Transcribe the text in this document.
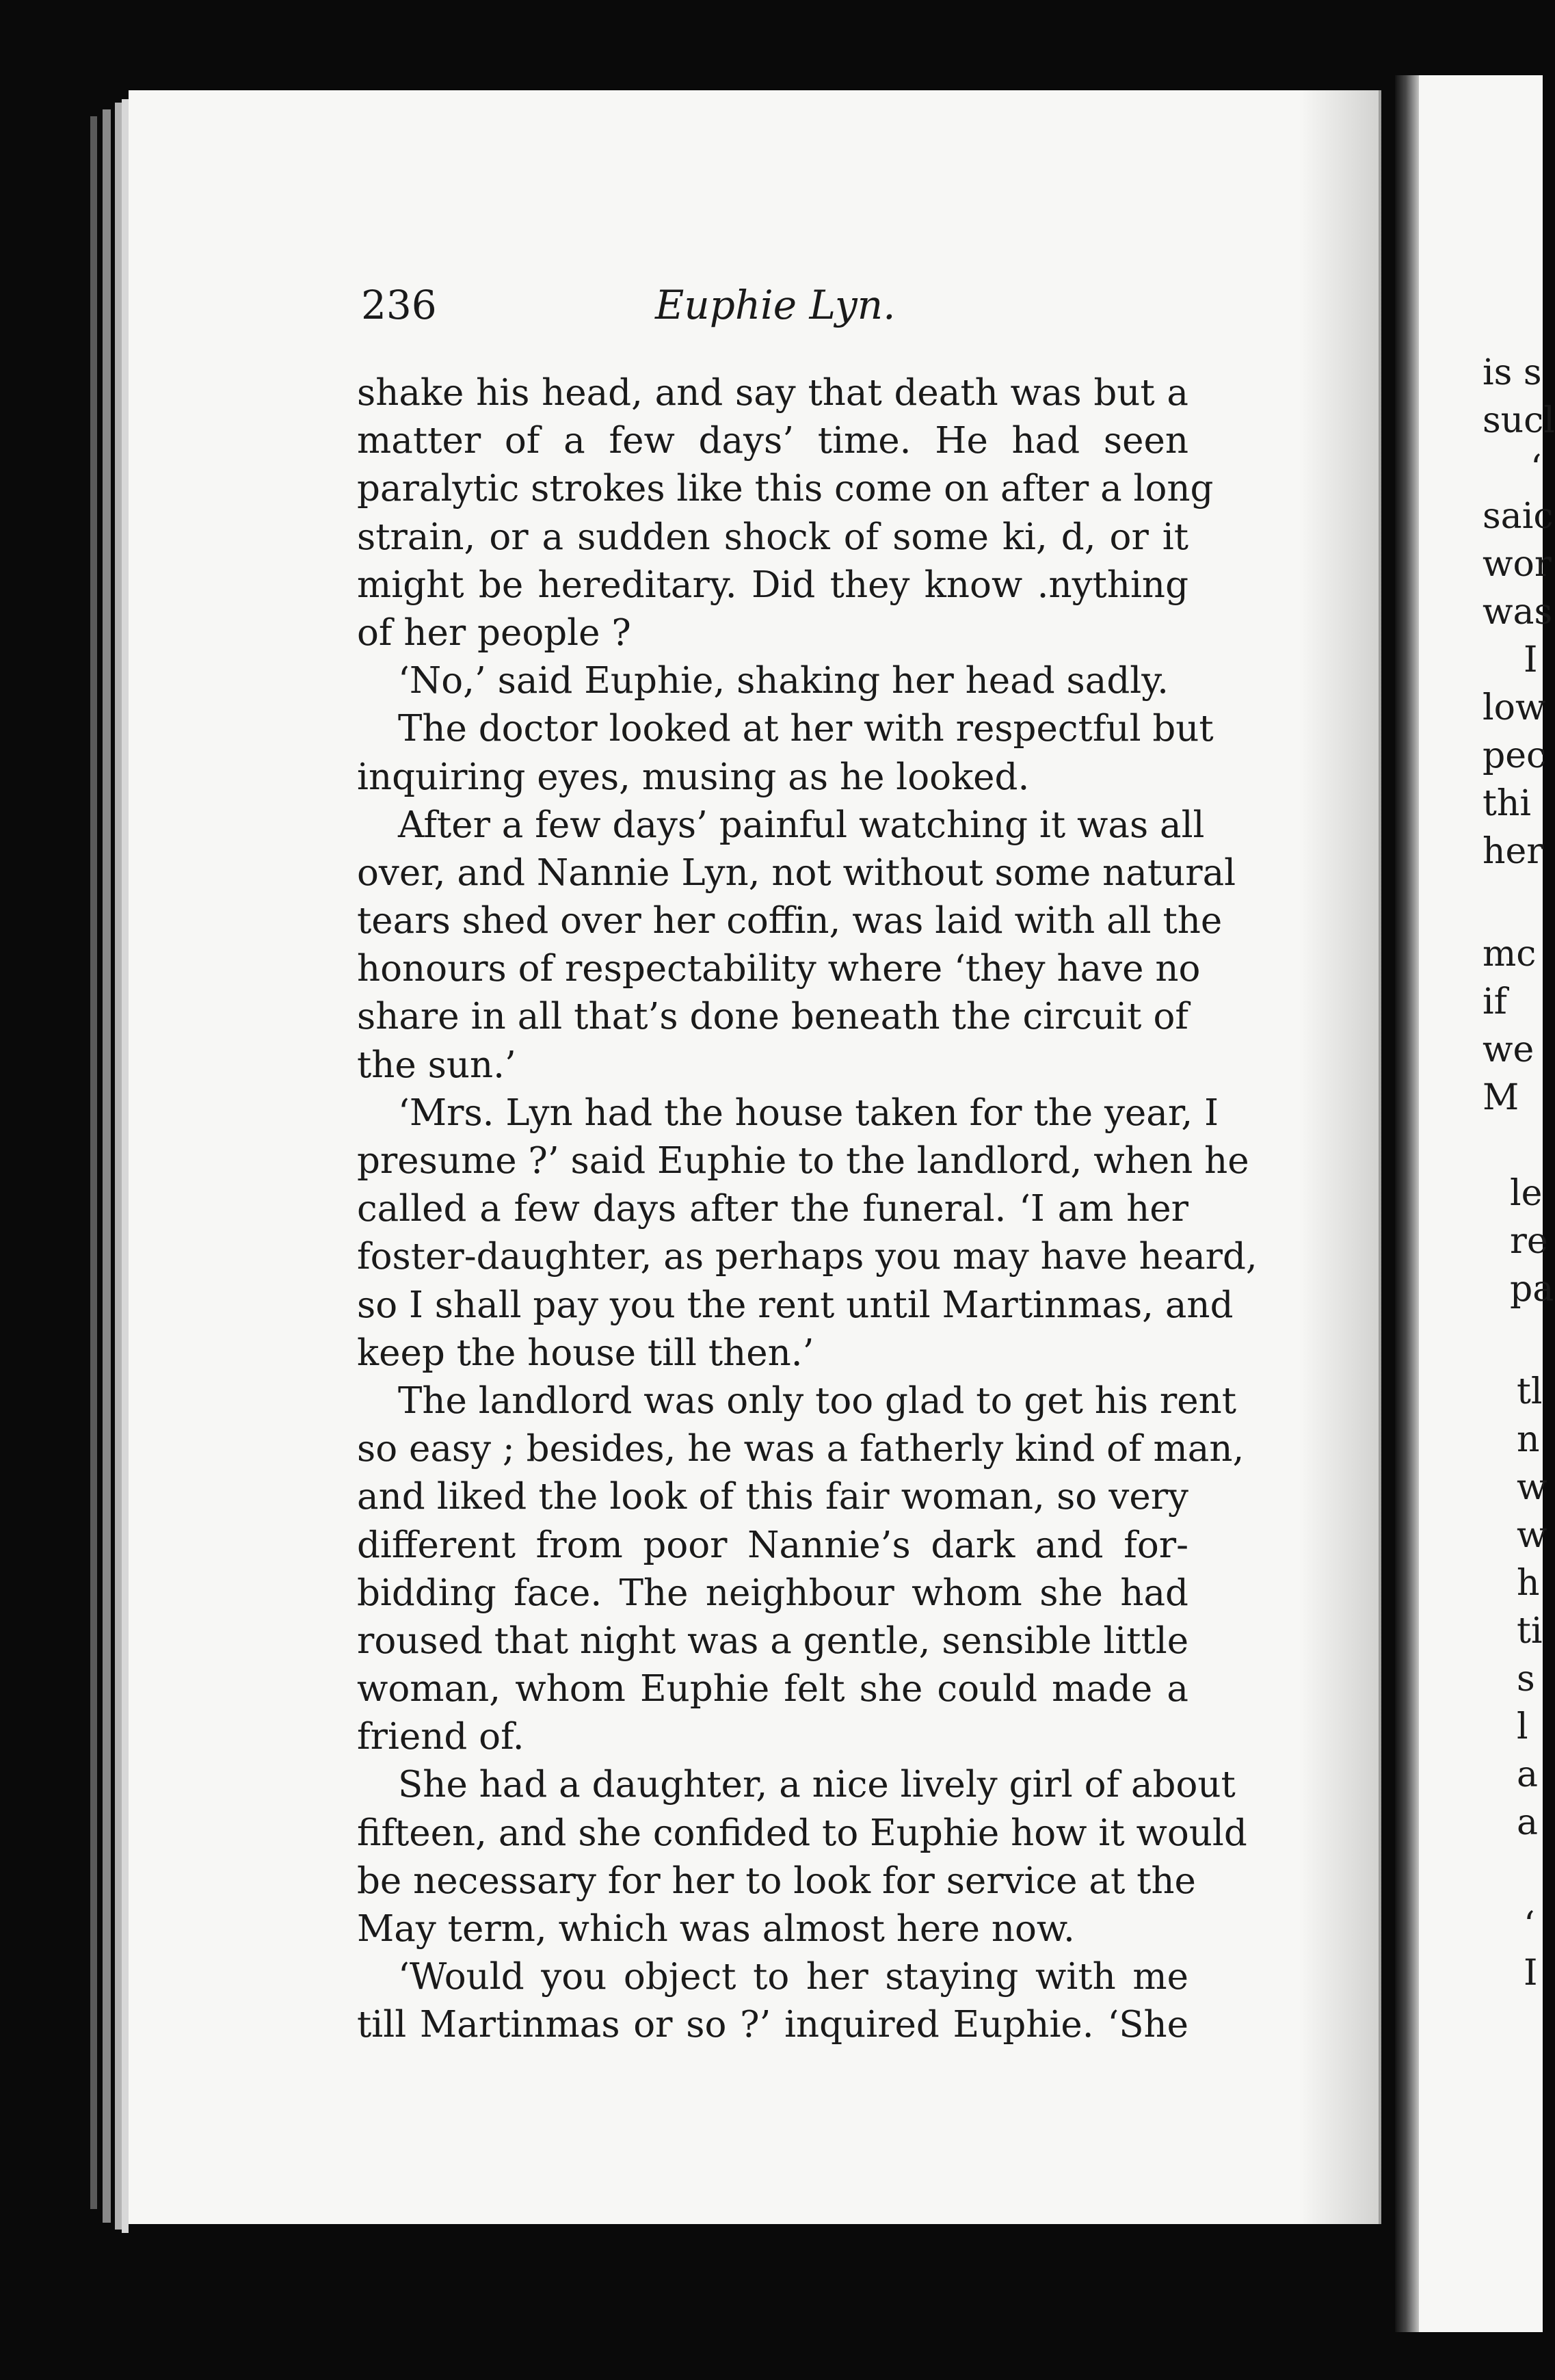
236	Euphie Lyn.
shake his head, and say that death was but a
matter of a few days’ time. He had seen
paralytic strokes like this come on after a long
strain, or a sudden shock of some ki, d, or it
might be hereditary. Did they know .nything
of her people ?
‘No,’ said Euphie, shaking her head sadly.
The doctor looked at her with respectful but
inquiring eyes, musing as he looked.
After a few days’ painful watching it was all
over, and Nannie Lyn, not without some natural
tears shed over her coffin, was laid with all the
honours of respectability where ‘they have no
share in all that’s done beneath the circuit of
the sun.’
‘Mrs. Lyn had the house taken for the year, I
presume ?’ said Euphie to the landlord, when he
called a few days after the funeral. ‘I am her
foster-daughter, as perhaps you may have heard,
so I shall pay you the rent until Martinmas, and
keep the house till then.’
The landlord was only too glad to get his rent
so easy ; besides, he was a fatherly kind of man,
and liked the look of this fair woman, so very
different from poor Nannie’s dark and for-
bidding face. The neighbour whom she had
roused that night was a gentle, sensible little
woman, whom Euphie felt she could made a
friend of.
She had a daughter, a nice lively girl of about
fifteen, and she confided to Euphie how it would
be necessary for her to look for service at the
May term, which was almost here now.
‘Would you object to her staying with me
till Martinmas or so ?’ inquired Euphie. ‘She
is s
sucl
‘
saic
wor
was
I
low
pec
thi
her
mc
if
we
M
le
re
pa
tl
n
w
w
h
ti
s
l
a
a
‘
I
